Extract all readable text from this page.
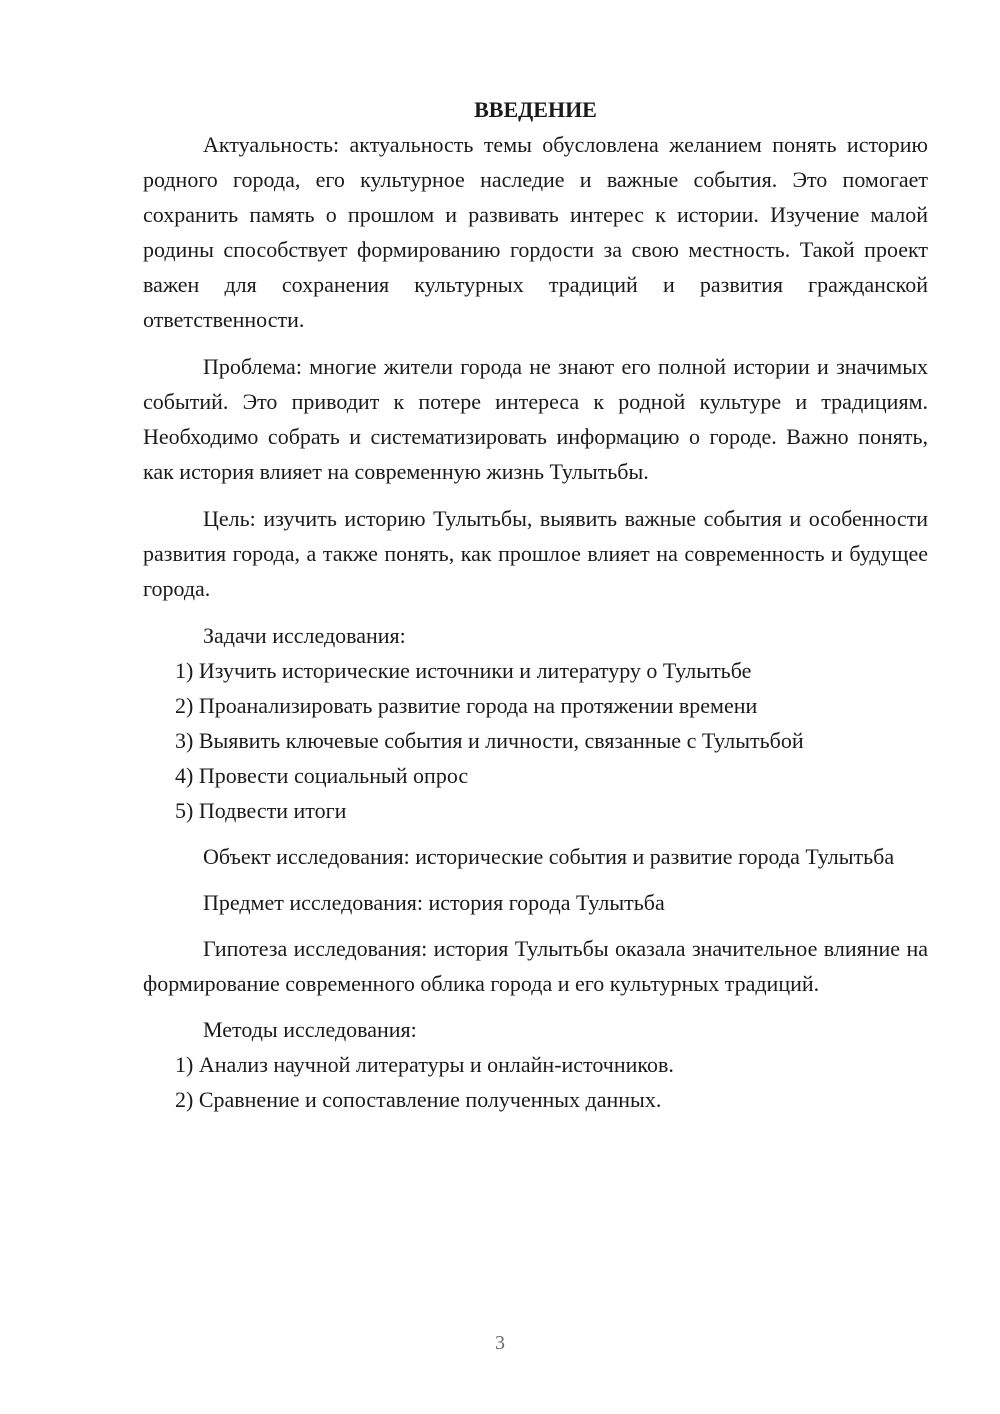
ВВЕДЕНИЕ

Актуальность: актуальность темы обусловлена желанием понять историю родного города, его культурное наследие и важные события. Это помогает сохранить память о прошлом и развивать интерес к истории. Изучение малой родины способствует формированию гордости за свою местность. Такой проект важен для сохранения культурных традиций и развития гражданской ответственности.

Проблема: многие жители города не знают его полной истории и значимых событий. Это приводит к потере интереса к родной культуре и традициям. Необходимо собрать и систематизировать информацию о городе. Важно понять, как история влияет на современную жизнь Тулытьбы.

Цель: изучить историю Тулытьбы, выявить важные события и особенности развития города, а также понять, как прошлое влияет на современность и будущее города.

Задачи исследования:

1) Изучить исторические источники и литературу о Тулытьбе

2) Проанализировать развитие города на протяжении времени

3) Выявить ключевые события и личности, связанные с Тулытьбой

4) Провести социальный опрос

5) Подвести итоги

Объект исследования: исторические события и развитие города Тулытьба

Предмет исследования: история города Тулытьба

Гипотеза исследования: история Тулытьбы оказала значительное влияние на формирование современного облика города и его культурных традиций.

Методы исследования:

1) Анализ научной литературы и онлайн-источников.

2) Сравнение и сопоставление полученных данных.

3
